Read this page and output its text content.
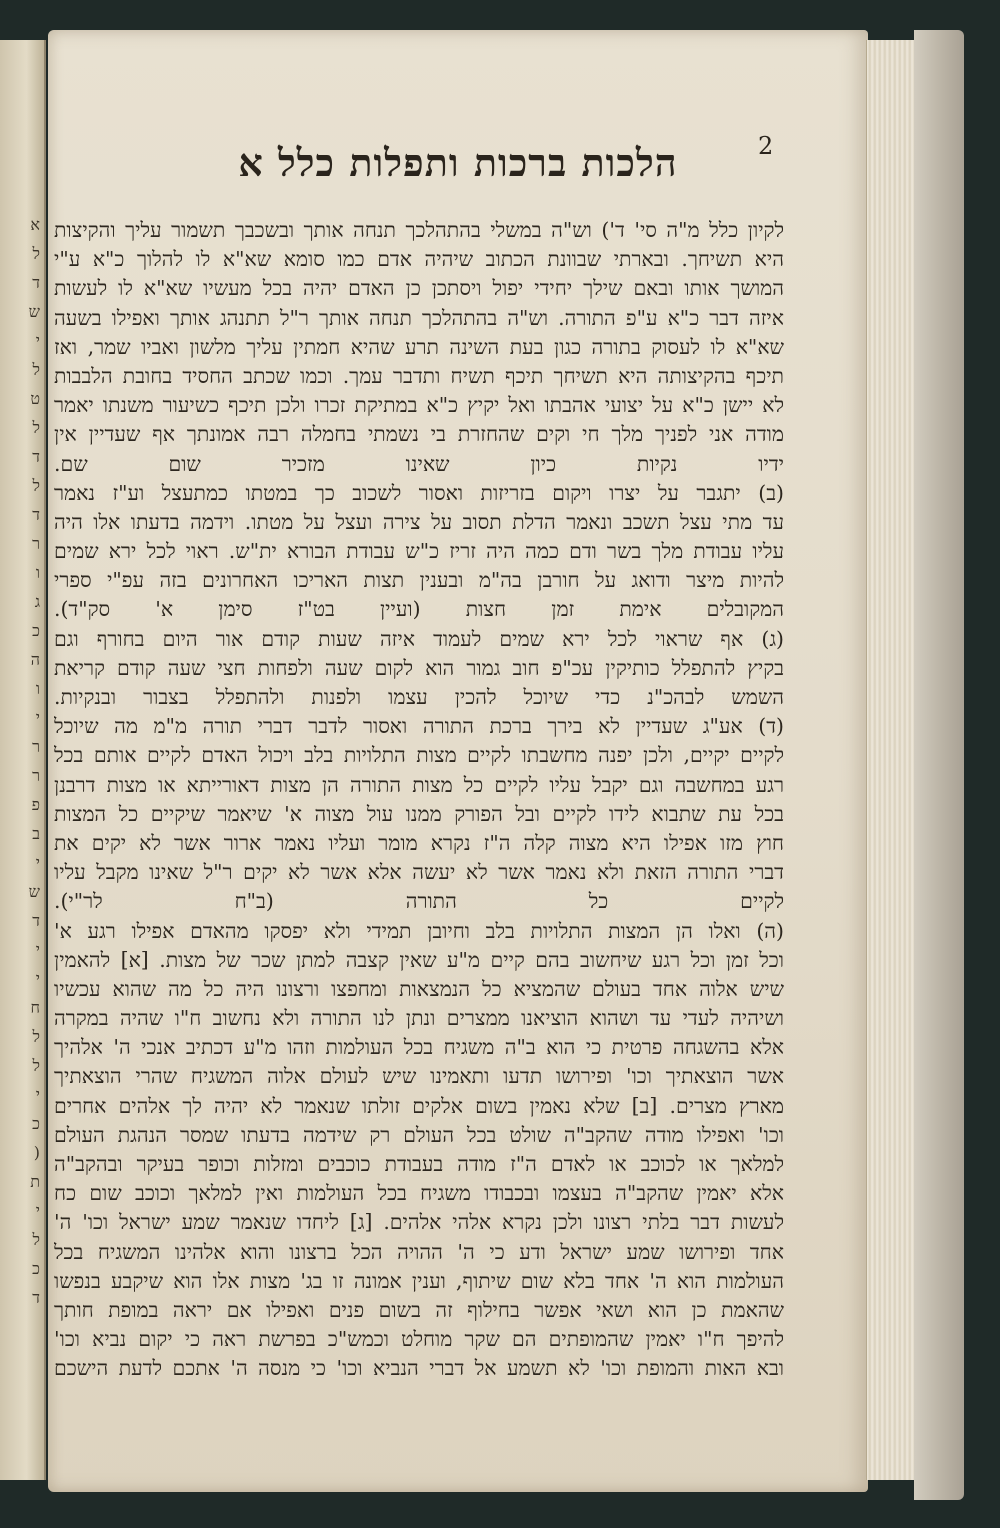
א
ל
ד
ש
י
ל
ט
ל
ד
ל
ד
ר
ו
ג
כ
ה
ו
י
ר
ר
פ
ב
י
ש
ד
י
י
ח
ל
ל
י
כ
(
ת
י
ל
כ
ד
הלכות ברכות ותפלות כלל א	2
לקיון כלל מ"ה סי' ד') וש"ה במשלי בהתהלכך תנחה אותך ובשכבך תשמור עליך והקיצות
היא תשיחך. ובארתי שבוונת הכתוב שיהיה אדם כמו סומא שא"א לו להלוך כ"א ע"י
המושך אותו ובאם שילך יחידי יפול ויסתכן כן האדם יהיה בכל מעשיו שא"א לו לעשות
איזה דבר כ"א ע"פ התורה. וש"ה בהתהלכך תנחה אותך ר"ל תתנהג אותך ואפילו בשעה
שא"א לו לעסוק בתורה כגון בעת השינה תרע שהיא חמתין עליך מלשון ואביו שמר, ואז
תיכף בהקיצותה היא תשיחך תיכף תשיח ותדבר עמך. וכמו שכתב החסיד בחובת הלבבות
לא יישן כ"א על יצועי אהבתו ואל יקיץ כ"א במתיקת זכרו ולכן תיכף כשיעור משנתו יאמר
מודה אני לפניך מלך חי וקים שהחזרת בי נשמתי בחמלה רבה אמונתך אף שעדיין אין
ידיו נקיות כיון שאינו מזכיר שום שם.
(ב) יתגבר על יצרו ויקום בזריזות ואסור לשכוב כך במטתו כמתעצל וע"ז נאמר
עד מתי עצל תשכב ונאמר הדלת תסוב על צירה ועצל על מטתו. וידמה בדעתו אלו היה
עליו עבודת מלך בשר ודם כמה היה זריז כ"ש עבודת הבורא ית"ש. ראוי לכל ירא שמים
להיות מיצר ודואג על חורבן בה"מ ובענין תצות האריכו האחרונים בזה עפ"י ספרי
המקובלים אימת זמן חצות (ועיין בט"ז סימן א' סק"ד).
(ג) אף שראוי לכל ירא שמים לעמוד איזה שעות קודם אור היום בחורף וגם
בקיץ להתפלל כותיקין עכ"פ חוב גמור הוא לקום שעה ולפחות חצי שעה קודם קריאת
השמש לבהכ"נ כדי שיוכל להכין עצמו ולפנות ולהתפלל בצבור ובנקיות.
(ד) אע"ג שעדיין לא בירך ברכת התורה ואסור לדבר דברי תורה מ"מ מה שיוכל
לקיים יקיים, ולכן יפנה מחשבתו לקיים מצות התלויות בלב ויכול האדם לקיים אותם בכל
רגע במחשבה וגם יקבל עליו לקיים כל מצות התורה הן מצות דאורייתא או מצות דרבנן
בכל עת שתבוא לידו לקיים ובל הפורק ממנו עול מצוה א' שיאמר שיקיים כל המצות
חוץ מזו אפילו היא מצוה קלה ה"ז נקרא מומר ועליו נאמר ארור אשר לא יקים את
דברי התורה הזאת ולא נאמר אשר לא יעשה אלא אשר לא יקים ר"ל שאינו מקבל עליו
לקיים כל התורה (ב"ח לר"י).
(ה) ואלו הן המצות התלויות בלב וחיובן תמידי ולא יפסקו מהאדם אפילו רגע א'
וכל זמן וכל רגע שיחשוב בהם קיים מ"ע שאין קצבה למתן שכר של מצות. [א] להאמין
שיש אלוה אחד בעולם שהמציא כל הנמצאות ומחפצו ורצונו היה כל מה שהוא עכשיו
ושיהיה לעדי עד ושהוא הוציאנו ממצרים ונתן לנו התורה ולא נחשוב ח"ו שהיה במקרה
אלא בהשגחה פרטית כי הוא ב"ה משגיח בכל העולמות וזהו מ"ע דכתיב אנכי ה' אלהיך
אשר הוצאתיך וכו' ופירושו תדעו ותאמינו שיש לעולם אלוה המשגיח שהרי הוצאתיך
מארץ מצרים. [ב] שלא נאמין בשום אלקים זולתו שנאמר לא יהיה לך אלהים אחרים
וכו' ואפילו מודה שהקב"ה שולט בכל העולם רק שידמה בדעתו שמסר הנהגת העולם
למלאך או לכוכב או לאדם ה"ז מודה בעבודת כוכבים ומזלות וכופר בעיקר ובהקב"ה
אלא יאמין שהקב"ה בעצמו ובכבודו משגיח בכל העולמות ואין למלאך וכוכב שום כח
לעשות דבר בלתי רצונו ולכן נקרא אלהי אלהים. [ג] ליחדו שנאמר שמע ישראל וכו' ה'
אחד ופירושו שמע ישראל ודע כי ה' ההויה הכל ברצונו והוא אלהינו המשגיח בכל
העולמות הוא ה' אחד בלא שום שיתוף, וענין אמונה זו בג' מצות אלו הוא שיקבע בנפשו
שהאמת כן הוא ושאי אפשר בחילוף זה בשום פנים ואפילו אם יראה במופת חותך
להיפך ח"ו יאמין שהמופתים הם שקר מוחלט וכמש"כ בפרשת ראה כי יקום נביא וכו'
ובא האות והמופת וכו' לא תשמע אל דברי הנביא וכו' כי מנסה ה' אתכם לדעת הישכם
